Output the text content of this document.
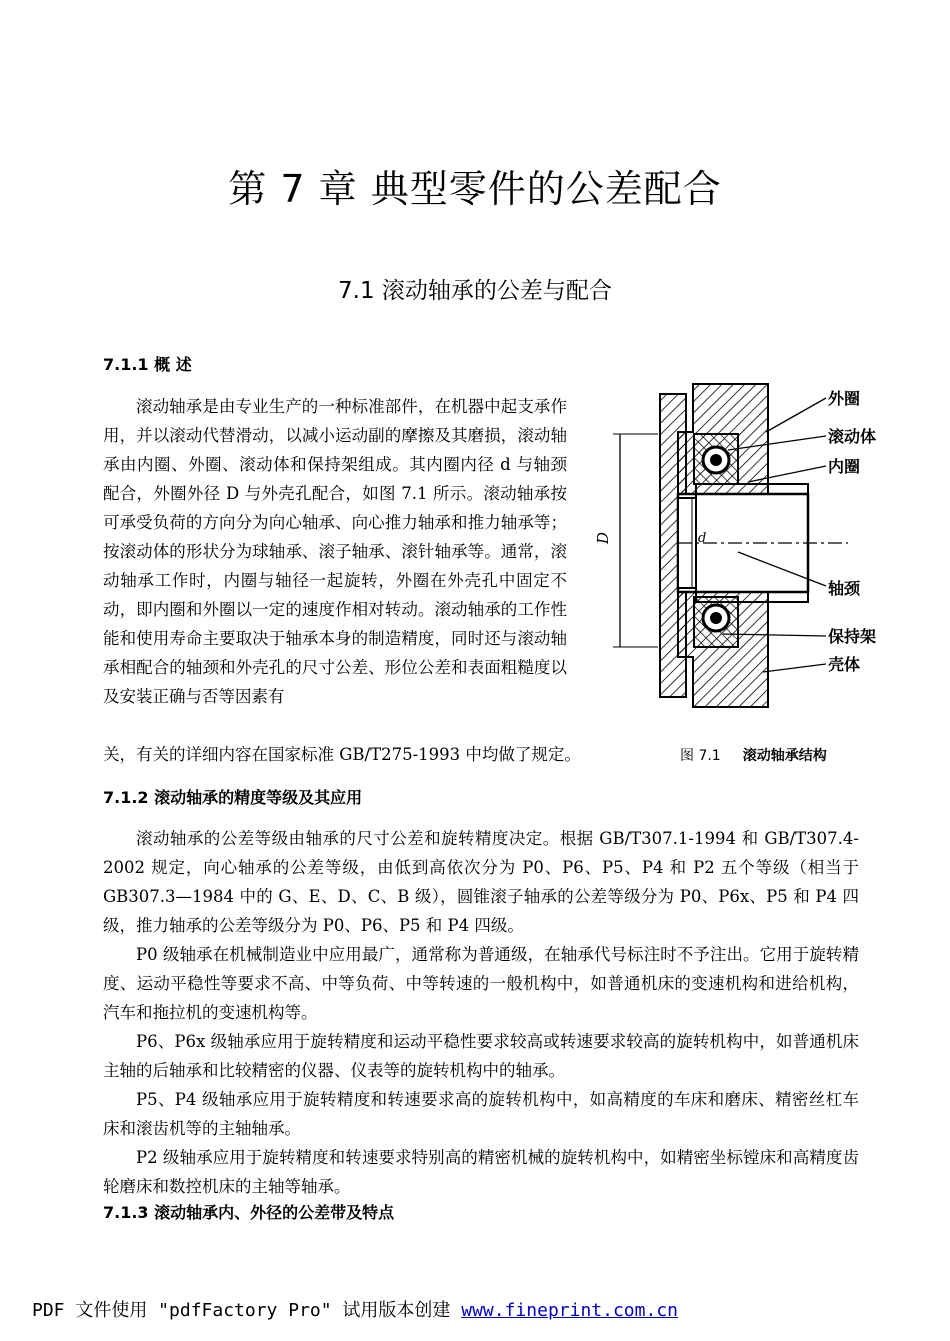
第 7 章 典型零件的公差配合
7.1 滚动轴承的公差与配合
7.1.1 概 述

滚动轴承是由专业生产的一种标准部件，在机器中起支承作用，并以滚动代替滑动，以减小运动副的摩擦及其磨损，滚动轴承由内圈、外圈、滚动体和保持架组成。其内圈内径 d 与轴颈配合，外圈外径 D 与外壳孔配合，如图 7.1 所示。滚动轴承按可承受负荷的方向分为向心轴承、向心推力轴承和推力轴承等；按滚动体的形状分为球轴承、滚子轴承、滚针轴承等。通常，滚动轴承工作时，内圈与轴径一起旋转，外圈在外壳孔中固定不动，即内圈和外圈以一定的速度作相对转动。滚动轴承的工作性能和使用寿命主要取决于轴承本身的制造精度，同时还与滚动轴承相配合的轴颈和外壳孔的尺寸公差、形位公差和表面粗糙度以及安装正确与否等因素有

关，有关的详细内容在国家标准 GB/T275-1993 中均做了规定。
D	d
外圈
滚动体
内圈
轴颈
保持架
壳体
图 7.1 滚动轴承结构
7.1.2 滚动轴承的精度等级及其应用

滚动轴承的公差等级由轴承的尺寸公差和旋转精度决定。根据 GB/T307.1-1994 和 GB/T307.4-2002 规定，向心轴承的公差等级，由低到高依次分为 P0、P6、P5、P4 和 P2 五个等级（相当于 GB307.3—1984 中的 G、E、D、C、B 级），圆锥滚子轴承的公差等级分为 P0、P6x、P5 和 P4 四级，推力轴承的公差等级分为 P0、P6、P5 和 P4 四级。

P0 级轴承在机械制造业中应用最广，通常称为普通级，在轴承代号标注时不予注出。它用于旋转精度、运动平稳性等要求不高、中等负荷、中等转速的一般机构中，如普通机床的变速机构和进给机构，汽车和拖拉机的变速机构等。

P6、P6x 级轴承应用于旋转精度和运动平稳性要求较高或转速要求较高的旋转机构中，如普通机床主轴的后轴承和比较精密的仪器、仪表等的旋转机构中的轴承。

P5、P4 级轴承应用于旋转精度和转速要求高的旋转机构中，如高精度的车床和磨床、精密丝杠车床和滚齿机等的主轴轴承。

P2 级轴承应用于旋转精度和转速要求特别高的精密机械的旋转机构中，如精密坐标镗床和高精度齿轮磨床和数控机床的主轴等轴承。

7.1.3 滚动轴承内、外径的公差带及特点
PDF 文件使用 "pdfFactory Pro" 试用版本创建 www.fineprint.com.cn
